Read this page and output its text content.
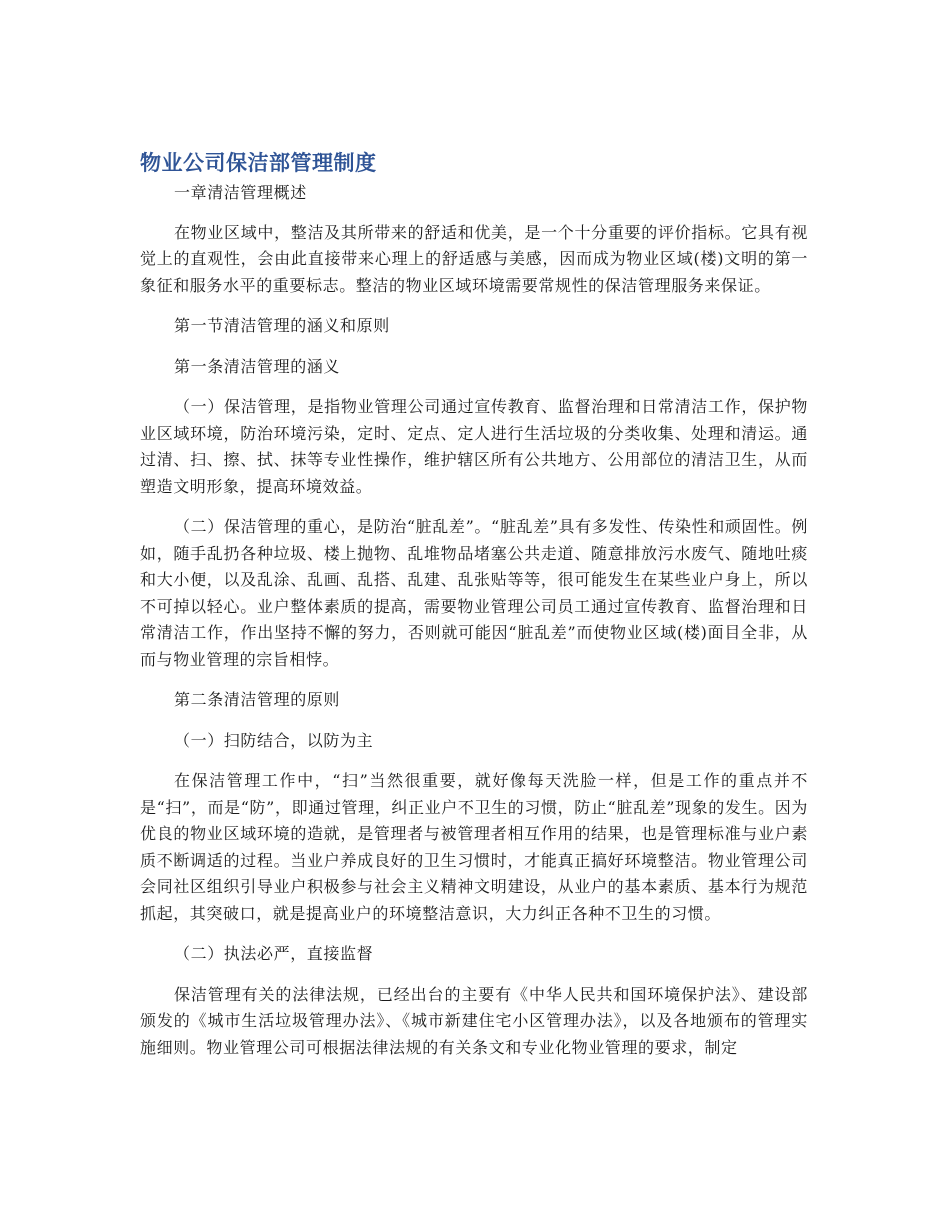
物业公司保洁部管理制度

一章清洁管理概述

在物业区域中，整洁及其所带来的舒适和优美，是一个十分重要的评价指标。它具有视觉上的直观性，会由此直接带来心理上的舒适感与美感，因而成为物业区域(楼)文明的第一象征和服务水平的重要标志。整洁的物业区域环境需要常规性的保洁管理服务来保证。

第一节清洁管理的涵义和原则

第一条清洁管理的涵义

（一）保洁管理，是指物业管理公司通过宣传教育、监督治理和日常清洁工作，保护物业区域环境，防治环境污染，定时、定点、定人进行生活垃圾的分类收集、处理和清运。通过清、扫、擦、拭、抹等专业性操作，维护辖区所有公共地方、公用部位的清洁卫生，从而塑造文明形象，提高环境效益。

（二）保洁管理的重心，是防治“脏乱差”。“脏乱差”具有多发性、传染性和顽固性。例如，随手乱扔各种垃圾、楼上抛物、乱堆物品堵塞公共走道、随意排放污水废气、随地吐痰和大小便，以及乱涂、乱画、乱搭、乱建、乱张贴等等，很可能发生在某些业户身上，所以不可掉以轻心。业户整体素质的提高，需要物业管理公司员工通过宣传教育、监督治理和日常清洁工作，作出坚持不懈的努力，否则就可能因“脏乱差”而使物业区域(楼)面目全非，从而与物业管理的宗旨相悖。

第二条清洁管理的原则

（一）扫防结合，以防为主

在保洁管理工作中，“扫”当然很重要，就好像每天洗脸一样，但是工作的重点并不是“扫”，而是“防”，即通过管理，纠正业户不卫生的习惯，防止“脏乱差”现象的发生。因为优良的物业区域环境的造就，是管理者与被管理者相互作用的结果，也是管理标准与业户素质不断调适的过程。当业户养成良好的卫生习惯时，才能真正搞好环境整洁。物业管理公司会同社区组织引导业户积极参与社会主义精神文明建设，从业户的基本素质、基本行为规范抓起，其突破口，就是提高业户的环境整洁意识，大力纠正各种不卫生的习惯。

（二）执法必严，直接监督

保洁管理有关的法律法规，已经出台的主要有《中华人民共和国环境保护法》、建设部颁发的《城市生活垃圾管理办法》、《城市新建住宅小区管理办法》，以及各地颁布的管理实施细则。物业管理公司可根据法律法规的有关条文和专业化物业管理的要求，制定
